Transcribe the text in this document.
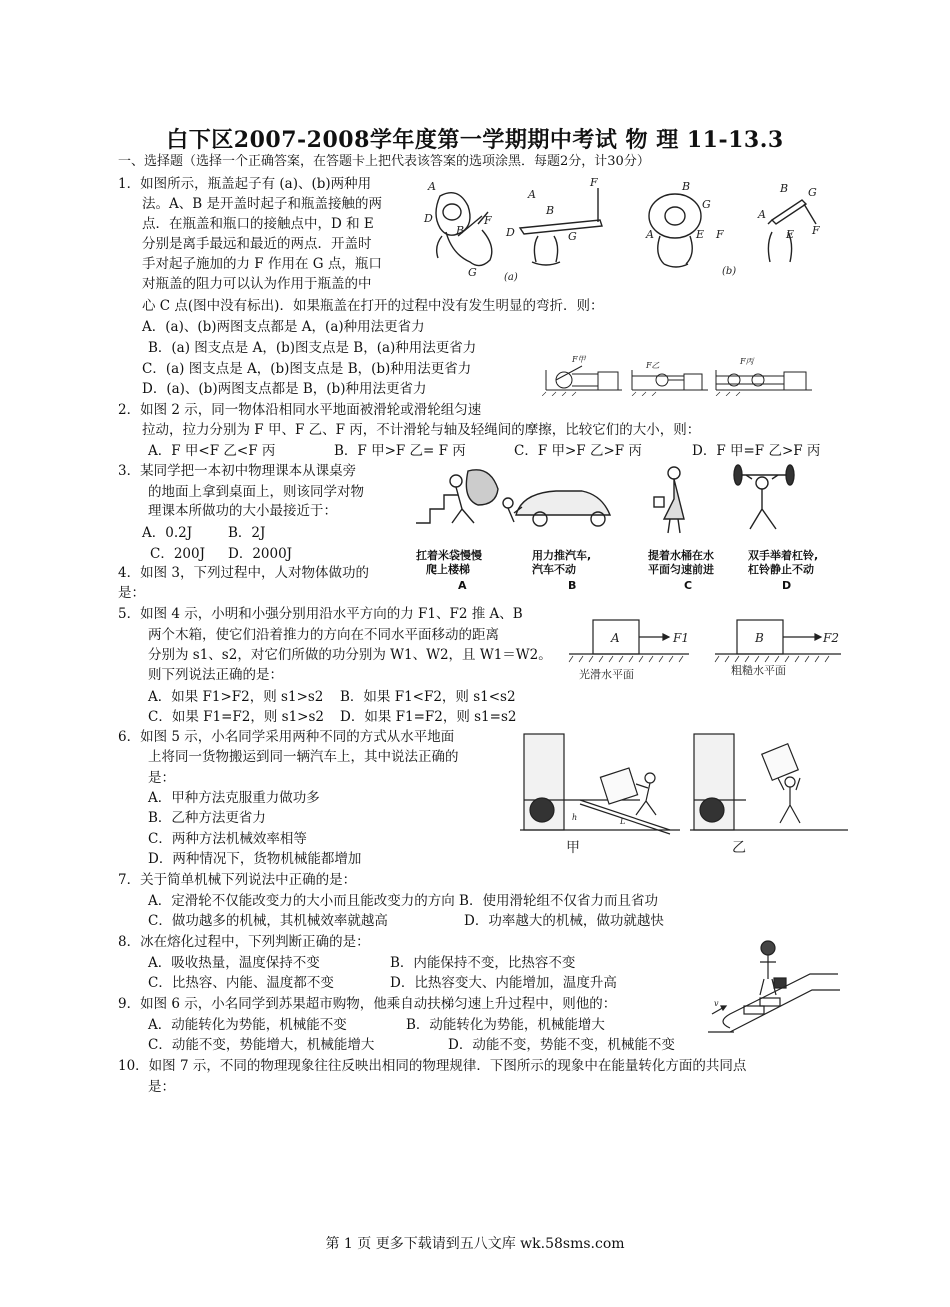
白下区2007-2008学年度第一学期期中考试 物 理 11-13.3
一、选择题（选择一个正确答案，在答题卡上把代表该答案的选项涂黑．每题2分，计30分）
1．如图所示，瓶盖起子有 (a)、(b)两种用
法。A、B 是开盖时起子和瓶盖接触的两
点．在瓶盖和瓶口的接触点中，D 和 E
分别是离手最远和最近的两点．开盖时
手对起子施加的力 F 作用在 G 点，瓶口
对瓶盖的阻力可以认为作用于瓶盖的中
心 C 点(图中没有标出)．如果瓶盖在打开的过程中没有发生明显的弯折．则：
A．(a)、(b)两图支点都是 A，(a)种用法更省力
B．(a) 图支点是 A，(b)图支点是 B，(a)种用法更省力
C．(a) 图支点是 A，(b)图支点是 B，(b)种用法更省力
D．(a)、(b)两图支点都是 B，(b)种用法更省力
A
D
B
F
G
A
D
B
G
F
(a)
B
G
A	E F
B G
A
E F
(b)
F甲
F乙	F丙
2．如图 2 示，同一物体沿相同水平地面被滑轮或滑轮组匀速
拉动，拉力分别为 F 甲、F 乙、F 丙，不计滑轮与轴及轻绳间的摩擦，比较它们的大小，则：
A．F 甲<F 乙<F 丙	B．F 甲>F 乙= F 丙	C．F 甲>F 乙>F 丙	D．F 甲=F 乙>F 丙
3．某同学把一本初中物理课本从课桌旁
的地面上拿到桌面上，则该同学对物
理课本所做功的大小最接近于：
A．0.2J	B．2J
C．200J D．2000J	扛着米袋慢慢
爬上楼梯
用力推汽车,
汽车不动
提着水桶在水
平面匀速前进
双手举着杠铃,
杠铃静止不动
A	B	C	D
4．如图 3，下列过程中，人对物体做功的
是：
5．如图 4 示，小明和小强分别用沿水平方向的力 F1、F2 推 A、B
两个木箱，使它们沿着推力的方向在不同水平面移动的距离
分别为 s1、s2，对它们所做的功分别为 W1、W2，且 W1＝W2。
则下列说法正确的是：
A．如果 F1>F2，则 s1>s2 B．如果 F1<F2，则 s1<s2
C．如果 F1=F2，则 s1>s2 D．如果 F1=F2，则 s1=s2
A	F1	B	F2
光滑水平面	粗糙水平面
6．如图 5 示，小名同学采用两种不同的方式从水平地面
上将同一货物搬运到同一辆汽车上，其中说法正确的
是：
A．甲种方法克服重力做功多
B．乙种方法更省力
C．两种方法机械效率相等
D．两种情况下，货物机械能都增加
h	L
甲	乙
7．关于简单机械下列说法中正确的是：
A．定滑轮不仅能改变力的大小而且能改变力的方向 B．使用滑轮组不仅省力而且省功
C．做功越多的机械，其机械效率就越高	D．功率越大的机械，做功就越快
8．冰在熔化过程中，下列判断正确的是：
A．吸收热量，温度保持不变	B．内能保持不变，比热容不变
C．比热容、内能、温度都不变	D．比热容变大、内能增加，温度升高
v
9．如图 6 示，小名同学到苏果超市购物，他乘自动扶梯匀速上升过程中，则他的：
A．动能转化为势能，机械能不变	B．动能转化为势能，机械能增大
C．动能不变，势能增大，机械能增大	D．动能不变，势能不变，机械能不变
10．如图 7 示，不同的物理现象往往反映出相同的物理规律．下图所示的现象中在能量转化方面的共同点
是：
第 1 页 更多下载请到五八文库 wk.58sms.com
